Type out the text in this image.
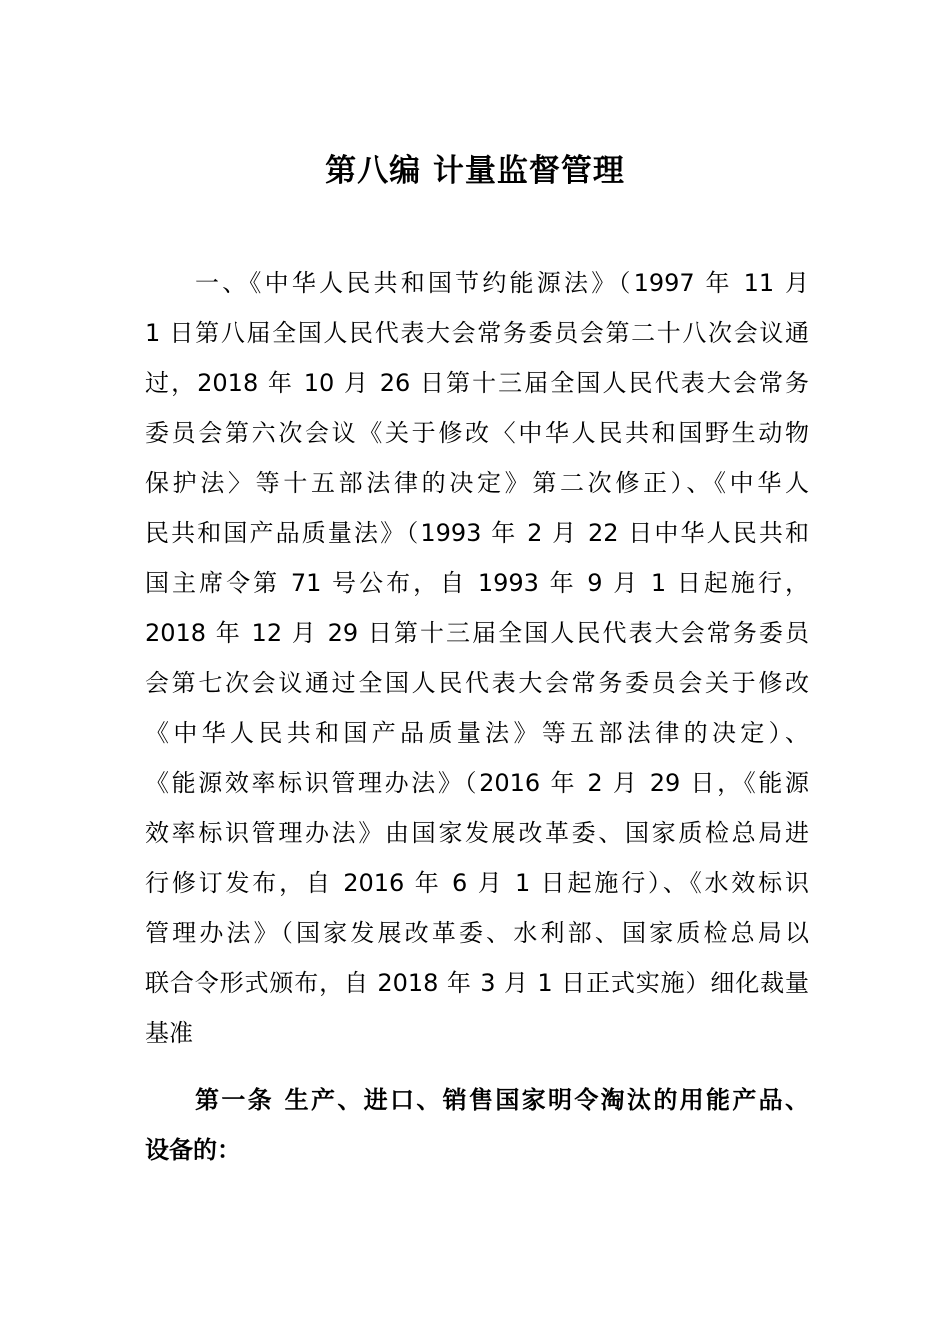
第八编 计量监督管理
一、《中华人民共和国节约能源法》（1997 年 11 月
1 日第八届全国人民代表大会常务委员会第二十八次会议通
过，2018 年 10 月 26 日第十三届全国人民代表大会常务
委员会第六次会议《关于修改〈中华人民共和国野生动物
保护法〉等十五部法律的决定》第二次修正）、《中华人
民共和国产品质量法》（1993 年 2 月 22 日中华人民共和
国主席令第 71 号公布，自 1993 年 9 月 1 日起施行，
2018 年 12 月 29 日第十三届全国人民代表大会常务委员
会第七次会议通过全国人民代表大会常务委员会关于修改
《中华人民共和国产品质量法》等五部法律的决定）、
《能源效率标识管理办法》（2016 年 2 月 29 日，《能源
效率标识管理办法》由国家发展改革委、国家质检总局进
行修订发布，自 2016 年 6 月 1 日起施行）、《水效标识
管理办法》（国家发展改革委、水利部、国家质检总局以
联合令形式颁布，自 2018 年 3 月 1 日正式实施）细化裁量
基准
第一条 生产、进口、销售国家明令淘汰的用能产品、
设备的：
